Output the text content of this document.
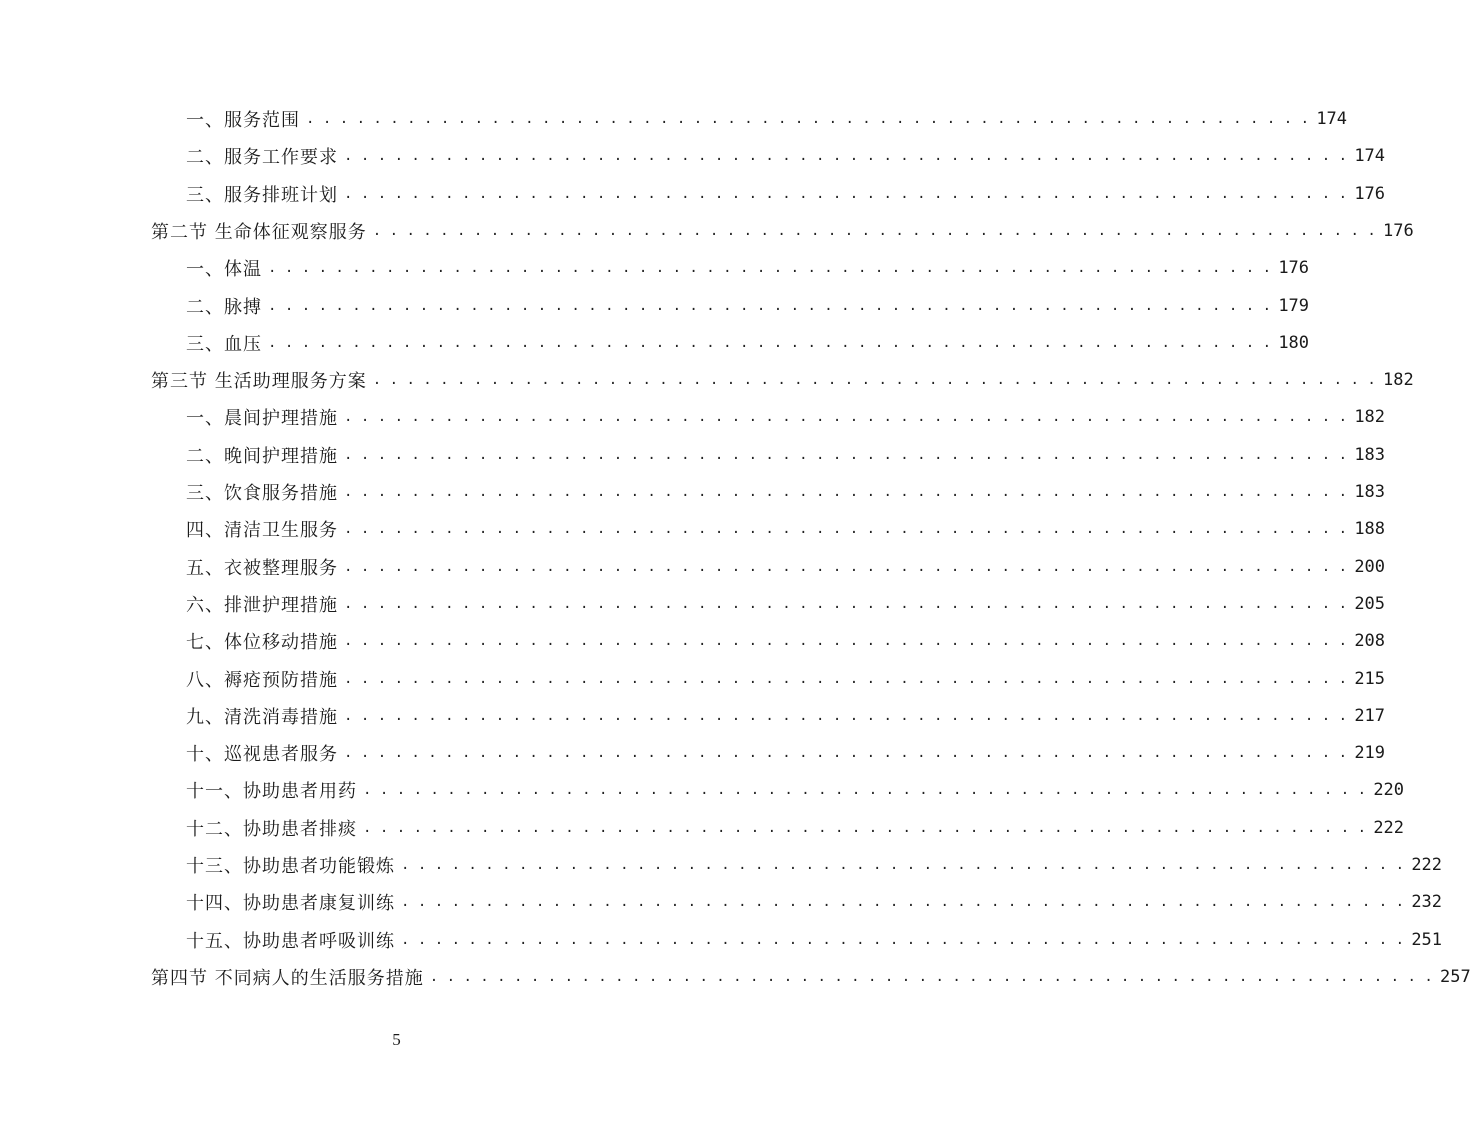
一、服务范围 . . . . . . . . . . . . . . . . . . . . . . . . . . . . . . . . . . . . . . . . . . . . . . . . . . . . . . . . . . . . 174
二、服务工作要求 . . . . . . . . . . . . . . . . . . . . . . . . . . . . . . . . . . . . . . . . . . . . . . . . . . . . . . . . . . . . 174
三、服务排班计划 . . . . . . . . . . . . . . . . . . . . . . . . . . . . . . . . . . . . . . . . . . . . . . . . . . . . . . . . . . . . 176
第二节 生命体征观察服务 . . . . . . . . . . . . . . . . . . . . . . . . . . . . . . . . . . . . . . . . . . . . . . . . . . . . . . . . . . . . 176
一、体温 . . . . . . . . . . . . . . . . . . . . . . . . . . . . . . . . . . . . . . . . . . . . . . . . . . . . . . . . . . . . 176
二、脉搏 . . . . . . . . . . . . . . . . . . . . . . . . . . . . . . . . . . . . . . . . . . . . . . . . . . . . . . . . . . . . 179
三、血压 . . . . . . . . . . . . . . . . . . . . . . . . . . . . . . . . . . . . . . . . . . . . . . . . . . . . . . . . . . . . 180
第三节 生活助理服务方案 . . . . . . . . . . . . . . . . . . . . . . . . . . . . . . . . . . . . . . . . . . . . . . . . . . . . . . . . . . . . 182
一、晨间护理措施 . . . . . . . . . . . . . . . . . . . . . . . . . . . . . . . . . . . . . . . . . . . . . . . . . . . . . . . . . . . . 182
二、晚间护理措施 . . . . . . . . . . . . . . . . . . . . . . . . . . . . . . . . . . . . . . . . . . . . . . . . . . . . . . . . . . . . 183
三、饮食服务措施 . . . . . . . . . . . . . . . . . . . . . . . . . . . . . . . . . . . . . . . . . . . . . . . . . . . . . . . . . . . . 183
四、清洁卫生服务 . . . . . . . . . . . . . . . . . . . . . . . . . . . . . . . . . . . . . . . . . . . . . . . . . . . . . . . . . . . . 188
五、衣被整理服务 . . . . . . . . . . . . . . . . . . . . . . . . . . . . . . . . . . . . . . . . . . . . . . . . . . . . . . . . . . . . 200
六、排泄护理措施 . . . . . . . . . . . . . . . . . . . . . . . . . . . . . . . . . . . . . . . . . . . . . . . . . . . . . . . . . . . . 205
七、体位移动措施 . . . . . . . . . . . . . . . . . . . . . . . . . . . . . . . . . . . . . . . . . . . . . . . . . . . . . . . . . . . . 208
八、褥疮预防措施 . . . . . . . . . . . . . . . . . . . . . . . . . . . . . . . . . . . . . . . . . . . . . . . . . . . . . . . . . . . . 215
九、清洗消毒措施 . . . . . . . . . . . . . . . . . . . . . . . . . . . . . . . . . . . . . . . . . . . . . . . . . . . . . . . . . . . . 217
十、巡视患者服务 . . . . . . . . . . . . . . . . . . . . . . . . . . . . . . . . . . . . . . . . . . . . . . . . . . . . . . . . . . . . 219
十一、协助患者用药 . . . . . . . . . . . . . . . . . . . . . . . . . . . . . . . . . . . . . . . . . . . . . . . . . . . . . . . . . . . . 220
十二、协助患者排痰 . . . . . . . . . . . . . . . . . . . . . . . . . . . . . . . . . . . . . . . . . . . . . . . . . . . . . . . . . . . . 222
十三、协助患者功能锻炼 . . . . . . . . . . . . . . . . . . . . . . . . . . . . . . . . . . . . . . . . . . . . . . . . . . . . . . . . . . . . 222
十四、协助患者康复训练 . . . . . . . . . . . . . . . . . . . . . . . . . . . . . . . . . . . . . . . . . . . . . . . . . . . . . . . . . . . . 232
十五、协助患者呼吸训练 . . . . . . . . . . . . . . . . . . . . . . . . . . . . . . . . . . . . . . . . . . . . . . . . . . . . . . . . . . . . 251
第四节 不同病人的生活服务措施 . . . . . . . . . . . . . . . . . . . . . . . . . . . . . . . . . . . . . . . . . . . . . . . . . . . . . . . . . . . . 257
5
